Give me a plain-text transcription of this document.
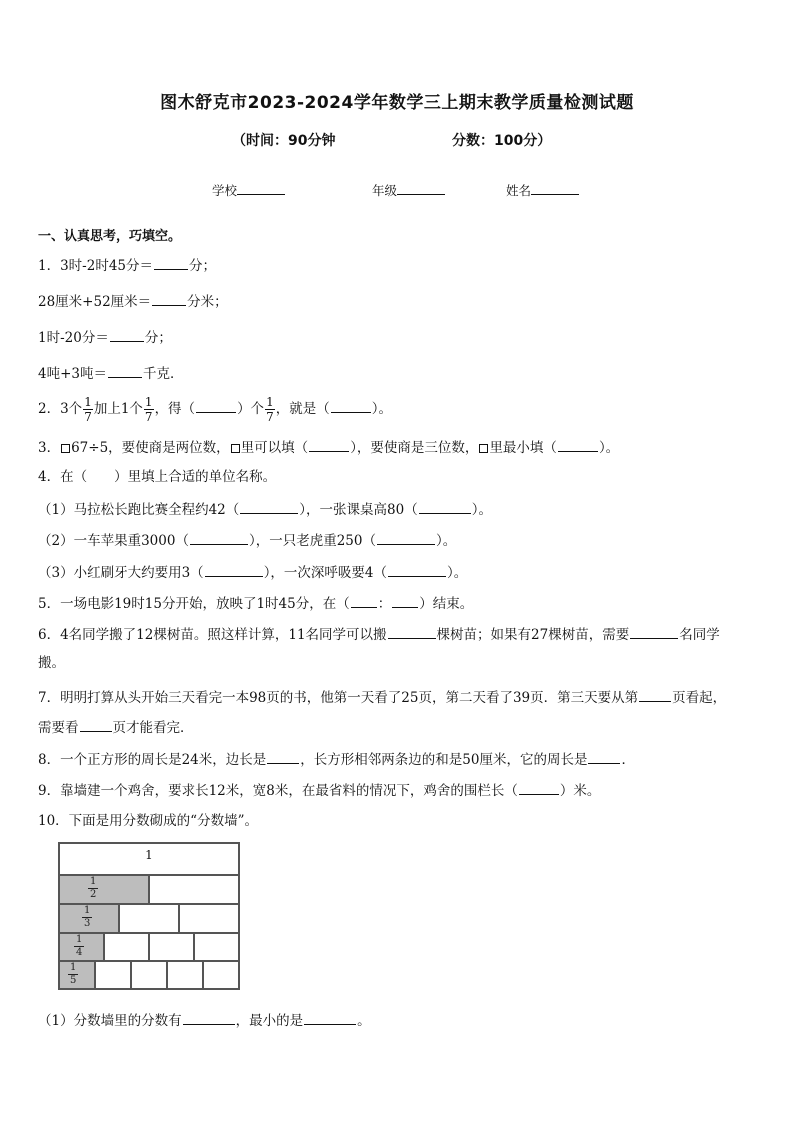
图木舒克市2023-2024学年数学三上期末教学质量检测试题
（时间：90分钟	分数：100分）
学校	年级	姓名
一、认真思考，巧填空。
1．3时-2时45分＝	分；
28厘米+52厘米＝	分米；
1时-20分＝	分；
4吨+3吨＝	千克．
2．3个 $\frac{1}{7}$ 加上1个 $\frac{1}{7}$ ，得（	）个 $\frac{1}{7}$ ，就是（	）。
3． 67÷5，要使商是两位数， 里可以填（	），要使商是三位数， 里最小填（	）。
4．在（　　）里填上合适的单位名称。
（1）马拉松长跑比赛全程约42（	），一张课桌高80（	）。
（2）一车苹果重3000（	），一只老虎重250（	）。
（3）小红刷牙大约要用3（	），一次深呼吸要4（	）。
5．一场电影19时15分开始，放映了1时45分，在（ ： ）结束。
6．4名同学搬了12棵树苗。照这样计算，11名同学可以搬	棵树苗；如果有27棵树苗，需要	名同学
搬。
7．明明打算从头开始三天看完一本98页的书，他第一天看了25页，第二天看了39页．第三天要从第	页看起，
需要看	页才能看完．
8．一个正方形的周长是24米，边长是	，长方形相邻两条边的和是50厘米，它的周长是	．
9．靠墙建一个鸡舍，要求长12米，宽8米，在最省料的情况下，鸡舍的围栏长（	）米。
10．下面是用分数砌成的“分数墙”。
1
1
2
1
3
1
4
1
5
（1）分数墙里的分数有	，最小的是	。
